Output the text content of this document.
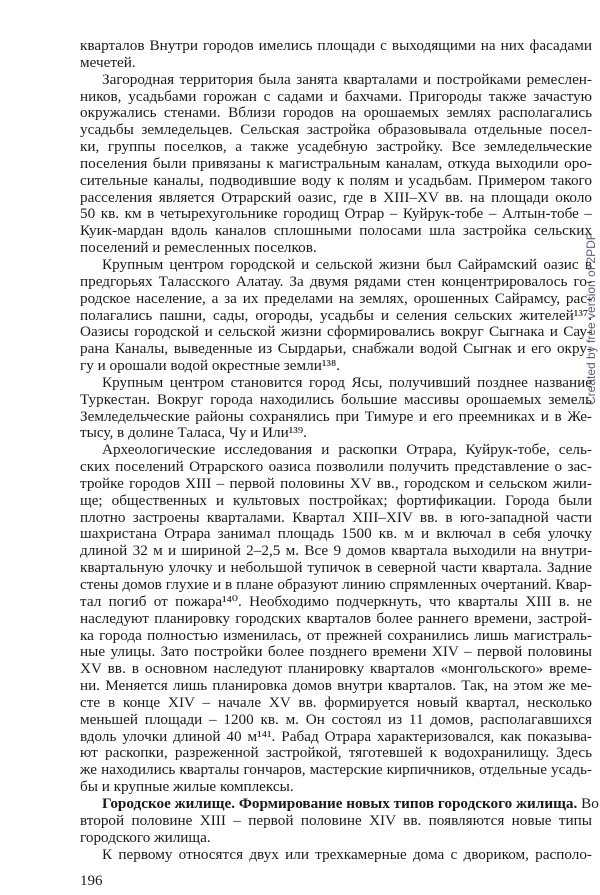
кварталов Внутри городов имелись площади с выходящими на них фасадами
мечетей.
Загородная территория была занята кварталами и постройками ремеслен-
ников, усадьбами горожан с садами и бахчами. Пригороды также зачастую
окружались стенами. Вблизи городов на орошаемых землях располагались
усадьбы земледельцев. Сельская застройка образовывала отдельные посел-
ки, группы поселков, а также усадебную застройку. Все земледельческие
поселения были привязаны к магистральным каналам, откуда выходили оро-
сительные каналы, подводившие воду к полям и усадьбам. Примером такого
расселения является Отрарский оазис, где в XIII–XV вв. на площади около
50 кв. км в четырехугольнике городищ Отрар – Куйрук-тобе – Алтын-тобе –
Куик-мардан вдоль каналов сплошными полосами шла застройка сельских
поселений и ремесленных поселков.
Крупным центром городской и сельской жизни был Сайрамский оазис в
предгорьях Таласского Алатау. За двумя рядами стен концентрировалось го-
родское население, а за их пределами на землях, орошенных Сайрамсу, рас-
полагались пашни, сады, огороды, усадьбы и селения сельских жителей¹³⁷.
Оазисы городской и сельской жизни сформировались вокруг Сыгнака и Сау-
рана Каналы, выведенные из Сырдарьи, снабжали водой Сыгнак и его окру-
гу и орошали водой окрестные земли¹³⁸.
Крупным центром становится город Ясы, получивший позднее название
Туркестан. Вокруг города находились большие массивы орошаемых земель
Земледельческие районы сохранялись при Тимуре и его преемниках и в Же-
тысу, в долине Таласа, Чу и Или¹³⁹.
Археологические исследования и раскопки Отрара, Куйрук-тобе, сель-
ских поселений Отрарского оазиса позволили получить представление о зас-
тройке городов XIII – первой половины XV вв., городском и сельском жили-
ще; общественных и культовых постройках; фортификации. Города были
плотно застроены кварталами. Квартал XIII–XIV вв. в юго-западной части
шахристана Отрара занимал площадь 1500 кв. м и включал в себя улочку
длиной 32 м и шириной 2–2,5 м. Все 9 домов квартала выходили на внутри-
квартальную улочку и небольшой тупичок в северной части квартала. Задние
стены домов глухие и в плане образуют линию спрямленных очертаний. Квар-
тал погиб от пожара¹⁴⁰. Необходимо подчеркнуть, что кварталы XIII в. не
наследуют планировку городских кварталов более раннего времени, застрой-
ка города полностью изменилась, от прежней сохранились лишь магистраль-
ные улицы. Зато постройки более позднего времени XIV – первой половины
XV вв. в основном наследуют планировку кварталов «монгольского» време-
ни. Меняется лишь планировка домов внутри кварталов. Так, на этом же ме-
сте в конце XIV – начале XV вв. формируется новый квартал, несколько
меньшей площади – 1200 кв. м. Он состоял из 11 домов, располагавшихся
вдоль улочки длиной 40 м¹⁴¹. Рабад Отрара характеризовался, как показыва-
ют раскопки, разреженной застройкой, тяготевшей к водохранилищу. Здесь
же находились кварталы гончаров, мастерские кирпичников, отдельные усадь-
бы и крупные жилые комплексы.
Городское жилище. Формирование новых типов городского жилища. Во
второй половине XIII – первой половине XIV вв. появляются новые типы
городского жилища.
К первому относятся двух или трехкамерные дома с двориком, располо-
196
Created by free version of 2PDF
